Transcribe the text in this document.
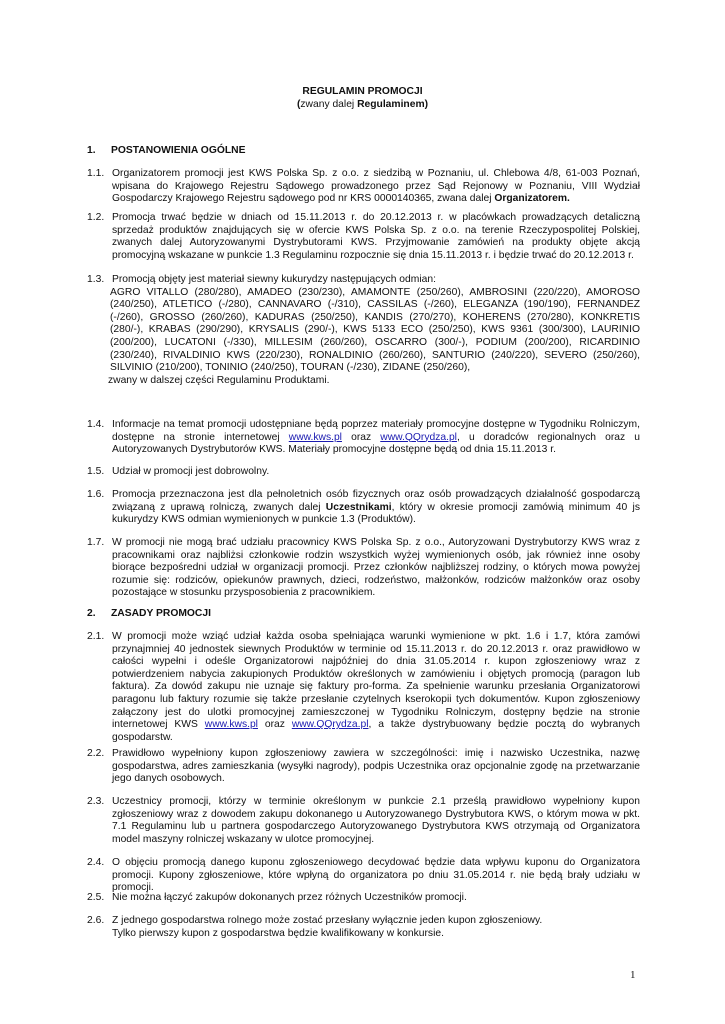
REGULAMIN PROMOCJI
(zwany dalej Regulaminem)
1. POSTANOWIENIA OGÓLNE
1.1. Organizatorem promocji jest KWS Polska Sp. z o.o. z siedzibą w Poznaniu, ul. Chlebowa 4/8, 61-003 Poznań, wpisana do Krajowego Rejestru Sądowego prowadzonego przez Sąd Rejonowy w Poznaniu, VIII Wydział Gospodarczy Krajowego Rejestru sądowego pod nr KRS 0000140365, zwana dalej Organizatorem.
1.2. Promocja trwać będzie w dniach od 15.11.2013 r. do 20.12.2013 r. w placówkach prowadzących detaliczną sprzedaż produktów znajdujących się w ofercie KWS Polska Sp. z o.o. na terenie Rzeczypospolitej Polskiej, zwanych dalej Autoryzowanymi Dystrybutorami KWS. Przyjmowanie zamówień na produkty objęte akcją promocyjną wskazane w punkcie 1.3 Regulaminu rozpocznie się dnia 15.11.2013 r. i będzie trwać do 20.12.2013 r.
1.3. Promocją objęty jest materiał siewny kukurydzy następujących odmian:
AGRO VITALLO (280/280), AMADEO (230/230), AMAMONTE (250/260), AMBROSINI (220/220), AMOROSO (240/250), ATLETICO (-/280), CANNAVARO (-/310), CASSILAS (-/260), ELEGANZA (190/190), FERNANDEZ (-/260), GROSSO (260/260), KADURAS (250/250), KANDIS (270/270), KOHERENS (270/280), KONKRETIS (280/-), KRABAS (290/290), KRYSALIS (290/-), KWS 5133 ECO (250/250), KWS 9361 (300/300), LAURINIO (200/200), LUCATONI (-/330), MILLESIM (260/260), OSCARRO (300/-), PODIUM (200/200), RICARDINIO (230/240), RIVALDINIO KWS (220/230), RONALDINIO (260/260), SANTURIO (240/220), SEVERO (250/260), SILVINIO (210/200), TONINIO (240/250), TOURAN (-/230), ZIDANE (250/260),
zwany w dalszej części Regulaminu Produktami.
1.4. Informacje na temat promocji udostępniane będą poprzez materiały promocyjne dostępne w Tygodniku Rolniczym, dostępne na stronie internetowej www.kws.pl oraz www.QQrydza.pl, u doradców regionalnych oraz u Autoryzowanych Dystrybutorów KWS. Materiały promocyjne dostępne będą od dnia 15.11.2013 r.
1.5. Udział w promocji jest dobrowolny.
1.6. Promocja przeznaczona jest dla pełnoletnich osób fizycznych oraz osób prowadzących działalność gospodarczą związaną z uprawą rolniczą, zwanych dalej Uczestnikami, który w okresie promocji zamówią minimum 40 js kukurydzy KWS odmian wymienionych w punkcie 1.3 (Produktów).
1.7. W promocji nie mogą brać udziału pracownicy KWS Polska Sp. z o.o., Autoryzowani Dystrybutorzy KWS wraz z pracownikami oraz najbliżsi członkowie rodzin wszystkich wyżej wymienionych osób, jak również inne osoby biorące bezpośredni udział w organizacji promocji. Przez członków najbliższej rodziny, o których mowa powyżej rozumie się: rodziców, opiekunów prawnych, dzieci, rodzeństwo, małżonków, rodziców małżonków oraz osoby pozostające w stosunku przysposobienia z pracownikiem.
2. ZASADY PROMOCJI
2.1. W promocji może wziąć udział każda osoba spełniająca warunki wymienione w pkt. 1.6 i 1.7, która zamówi przynajmniej 40 jednostek siewnych Produktów w terminie od 15.11.2013 r. do 20.12.2013 r. oraz prawidłowo w całości wypełni i odeśle Organizatorowi najpóźniej do dnia 31.05.2014 r. kupon zgłoszeniowy wraz z potwierdzeniem nabycia zakupionych Produktów określonych w zamówieniu i objętych promocją (paragon lub faktura). Za dowód zakupu nie uznaje się faktury pro-forma. Za spełnienie warunku przesłania Organizatorowi paragonu lub faktury rozumie się także przesłanie czytelnych kserokopii tych dokumentów. Kupon zgłoszeniowy załączony jest do ulotki promocyjnej zamieszczonej w Tygodniku Rolniczym, dostępny będzie na stronie internetowej KWS www.kws.pl oraz www.QQrydza.pl, a także dystrybuowany będzie pocztą do wybranych gospodarstw.
2.2. Prawidłowo wypełniony kupon zgłoszeniowy zawiera w szczególności: imię i nazwisko Uczestnika, nazwę gospodarstwa, adres zamieszkania (wysyłki nagrody), podpis Uczestnika oraz opcjonalnie zgodę na przetwarzanie jego danych osobowych.
2.3. Uczestnicy promocji, którzy w terminie określonym w punkcie 2.1 prześlą prawidłowo wypełniony kupon zgłoszeniowy wraz z dowodem zakupu dokonanego u Autoryzowanego Dystrybutora KWS, o którym mowa w pkt. 7.1 Regulaminu lub u partnera gospodarczego Autoryzowanego Dystrybutora KWS otrzymają od Organizatora model maszyny rolniczej wskazany w ulotce promocyjnej.
2.4. O objęciu promocją danego kuponu zgłoszeniowego decydować będzie data wpływu kuponu do Organizatora promocji. Kupony zgłoszeniowe, które wpłyną do organizatora po dniu 31.05.2014 r. nie będą brały udziału w promocji.
2.5. Nie można łączyć zakupów dokonanych przez różnych Uczestników promocji.
2.6. Z jednego gospodarstwa rolnego może zostać przesłany wyłącznie jeden kupon zgłoszeniowy.
Tylko pierwszy kupon z gospodarstwa będzie kwalifikowany w konkursie.
1
